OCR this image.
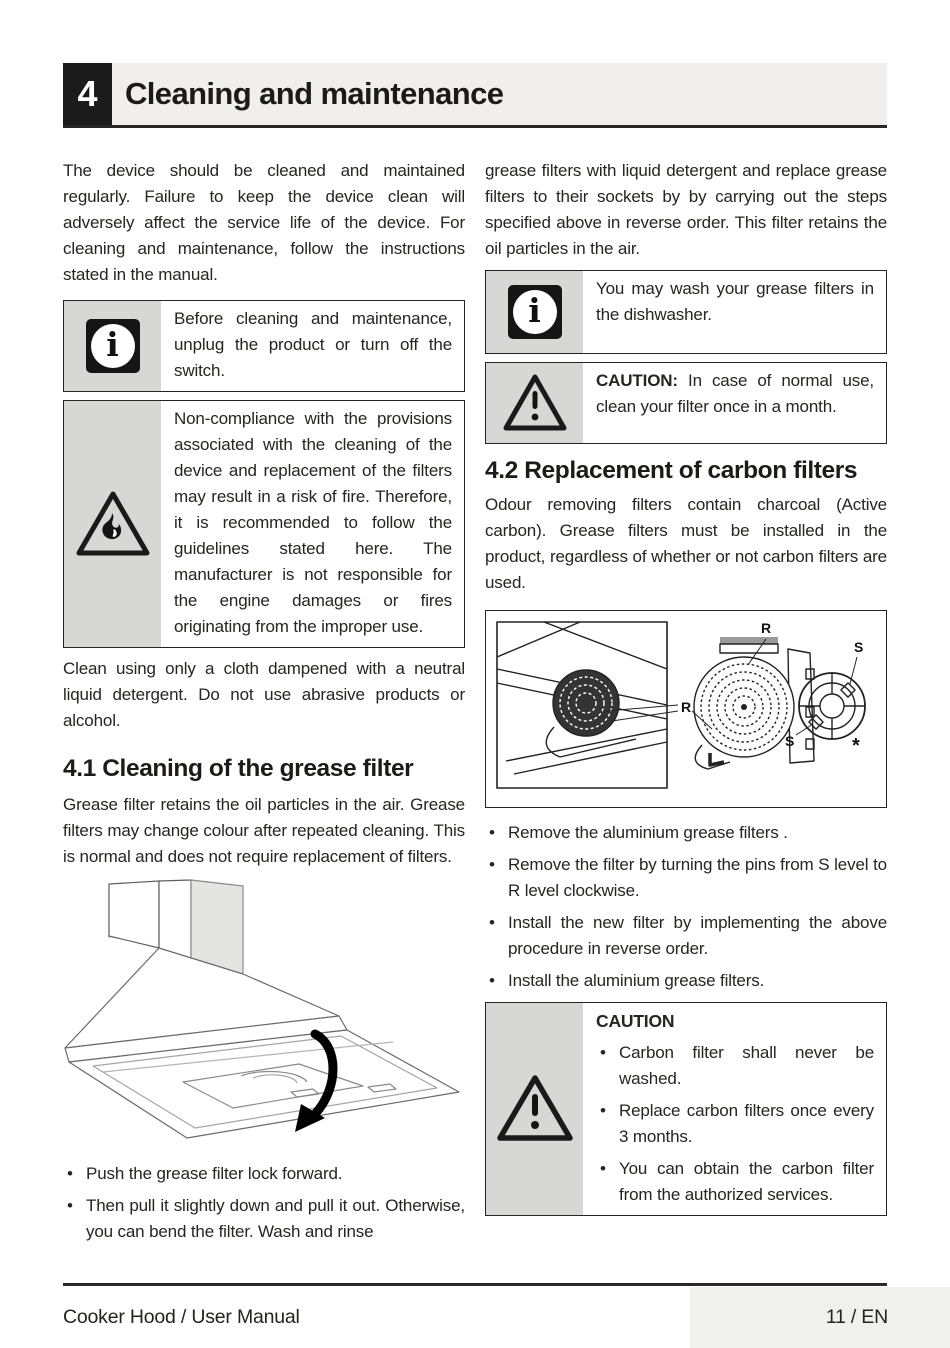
4 Cleaning and maintenance

The device should be cleaned and maintained regularly. Failure to keep the device clean will adversely affect the service life of the device. For cleaning and maintenance, follow the instructions stated in the manual.

i

Before cleaning and maintenance, unplug the product or turn off the switch.

Non-compliance with the provisions associated with the cleaning of the device and replacement of the filters may result in a risk of fire. Therefore, it is recommended to follow the guidelines stated here. The manufacturer is not responsible for the engine damages or fires originating from the improper use.

Clean using only a cloth dampened with a neutral liquid detergent. Do not use abrasive products or alcohol.

4.1 Cleaning of the grease filter

Grease filter retains the oil particles in the air. Grease filters may change colour after repeated cleaning. This is normal and does not require replacement of filters.

• Push the grease filter lock forward.
• Then pull it slightly down and pull it out. Otherwise, you can bend the filter. Wash and rinse

grease filters with liquid detergent and replace grease filters to their sockets by by carrying out the steps specified above in reverse order. This filter retains the oil particles in the air.

i

You may wash your grease filters in the dishwasher.

CAUTION: In case of normal use, clean your filter once in a month.

4.2 Replacement of carbon filters

Odour removing filters contain charcoal (Active carbon). Grease filters must be installed in the product, regardless of whether or not carbon filters are used.

R
R
S
S	*
• Remove the aluminium grease filters .
• Remove the filter by turning the pins from S level to R level clockwise.
• Install the new filter by implementing the above procedure in reverse order.
• Install the aluminium grease filters.
CAUTION
• Carbon filter shall never be washed.
• Replace carbon filters once every 3 months.
• You can obtain the carbon filter from the authorized services.
Cooker Hood / User Manual	11 / EN
